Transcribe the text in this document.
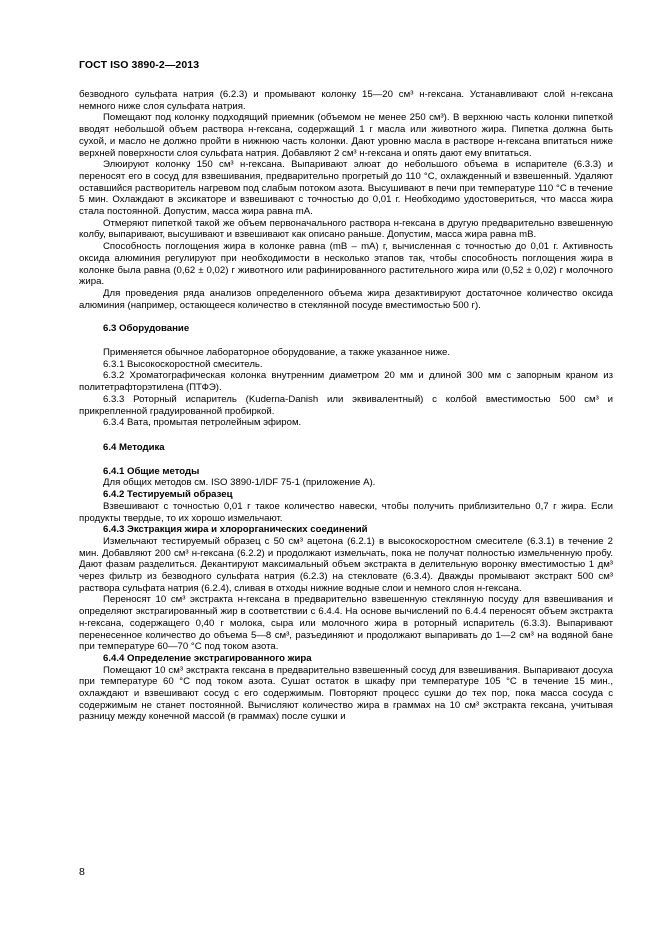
ГОСТ ISO 3890-2—2013

безводного сульфата натрия (6.2.3) и промывают колонку 15—20 см³ н-гексана. Устанавливают слой н-гексана немного ниже слоя сульфата натрия.

Помещают под колонку подходящий приемник (объемом не менее 250 см³). В верхнюю часть колонки пипеткой вводят небольшой объем раствора н-гексана, содержащий 1 г масла или животного жира. Пипетка должна быть сухой, и масло не должно пройти в нижнюю часть колонки. Дают уровню масла в растворе н-гексана впитаться ниже верхней поверхности слоя сульфата натрия. Добавляют 2 см³ н-гексана и опять дают ему впитаться.

Элюируют колонку 150 см³ н-гексана. Выпаривают элюат до небольшого объема в испарителе (6.3.3) и переносят его в сосуд для взвешивания, предварительно прогретый до 110 °С, охлажденный и взвешенный. Удаляют оставшийся растворитель нагревом под слабым потоком азота. Высушивают в печи при температуре 110 °С в течение 5 мин. Охлаждают в эксикаторе и взвешивают с точностью до 0,01 г. Необходимо удостовериться, что масса жира стала постоянной. Допустим, масса жира равна mA.

Отмеряют пипеткой такой же объем первоначального раствора н-гексана в другую предварительно взвешенную колбу, выпаривают, высушивают и взвешивают как описано раньше. Допустим, масса жира равна mB.

Способность поглощения жира в колонке равна (mB – mA) г, вычисленная с точностью до 0,01 г. Активность оксида алюминия регулируют при необходимости в несколько этапов так, чтобы способность поглощения жира в колонке была равна (0,62 ± 0,02) г животного или рафинированного растительного жира или (0,52 ± 0,02) г молочного жира.

Для проведения ряда анализов определенного объема жира дезактивируют достаточное количество оксида алюминия (например, остающееся количество в стеклянной посуде вместимостью 500 г).

6.3 Оборудование

Применяется обычное лабораторное оборудование, а также указанное ниже.

6.3.1 Высокоскоростной смеситель.

6.3.2 Хроматографическая колонка внутренним диаметром 20 мм и длиной 300 мм с запорным краном из политетрафторэтилена (ПТФЭ).

6.3.3 Роторный испаритель (Kuderna-Danish или эквивалентный) с колбой вместимостью 500 см³ и прикрепленной градуированной пробиркой.

6.3.4 Вата, промытая петролейным эфиром.

6.4 Методика

6.4.1 Общие методы

Для общих методов см. ISO 3890-1/IDF 75-1 (приложение А).

6.4.2 Тестируемый образец

Взвешивают с точностью 0,01 г такое количество навески, чтобы получить приблизительно 0,7 г жира. Если продукты твердые, то их хорошо измельчают.

6.4.3 Экстракция жира и хлорорганических соединений

Измельчают тестируемый образец с 50 см³ ацетона (6.2.1) в высокоскоростном смесителе (6.3.1) в течение 2 мин. Добавляют 200 см³ н-гексана (6.2.2) и продолжают измельчать, пока не получат полностью измельченную пробу. Дают фазам разделиться. Декантируют максимальный объем экстракта в делительную воронку вместимостью 1 дм³ через фильтр из безводного сульфата натрия (6.2.3) на стекловате (6.3.4). Дважды промывают экстракт 500 см³ раствора сульфата натрия (6.2.4), сливая в отходы нижние водные слои и немного слоя н-гексана.

Переносят 10 см³ экстракта н-гексана в предварительно взвешенную стеклянную посуду для взвешивания и определяют экстрагированный жир в соответствии с 6.4.4. На основе вычислений по 6.4.4 переносят объем экстракта н-гексана, содержащего 0,40 г молока, сыра или молочного жира в роторный испаритель (6.3.3). Выпаривают перенесенное количество до объема 5—8 см³, разъединяют и продолжают выпаривать до 1—2 см³ на водяной бане при температуре 60—70 °С под током азота.

6.4.4 Определение экстрагированного жира

Помещают 10 см³ экстракта гексана в предварительно взвешенный сосуд для взвешивания. Выпаривают досуха при температуре 60 °С под током азота. Сушат остаток в шкафу при температуре 105 °С в течение 15 мин., охлаждают и взвешивают сосуд с его содержимым. Повторяют процесс сушки до тех пор, пока масса сосуда с содержимым не станет постоянной. Вычисляют количество жира в граммах на 10 см³ экстракта гексана, учитывая разницу между конечной массой (в граммах) после сушки и

8
